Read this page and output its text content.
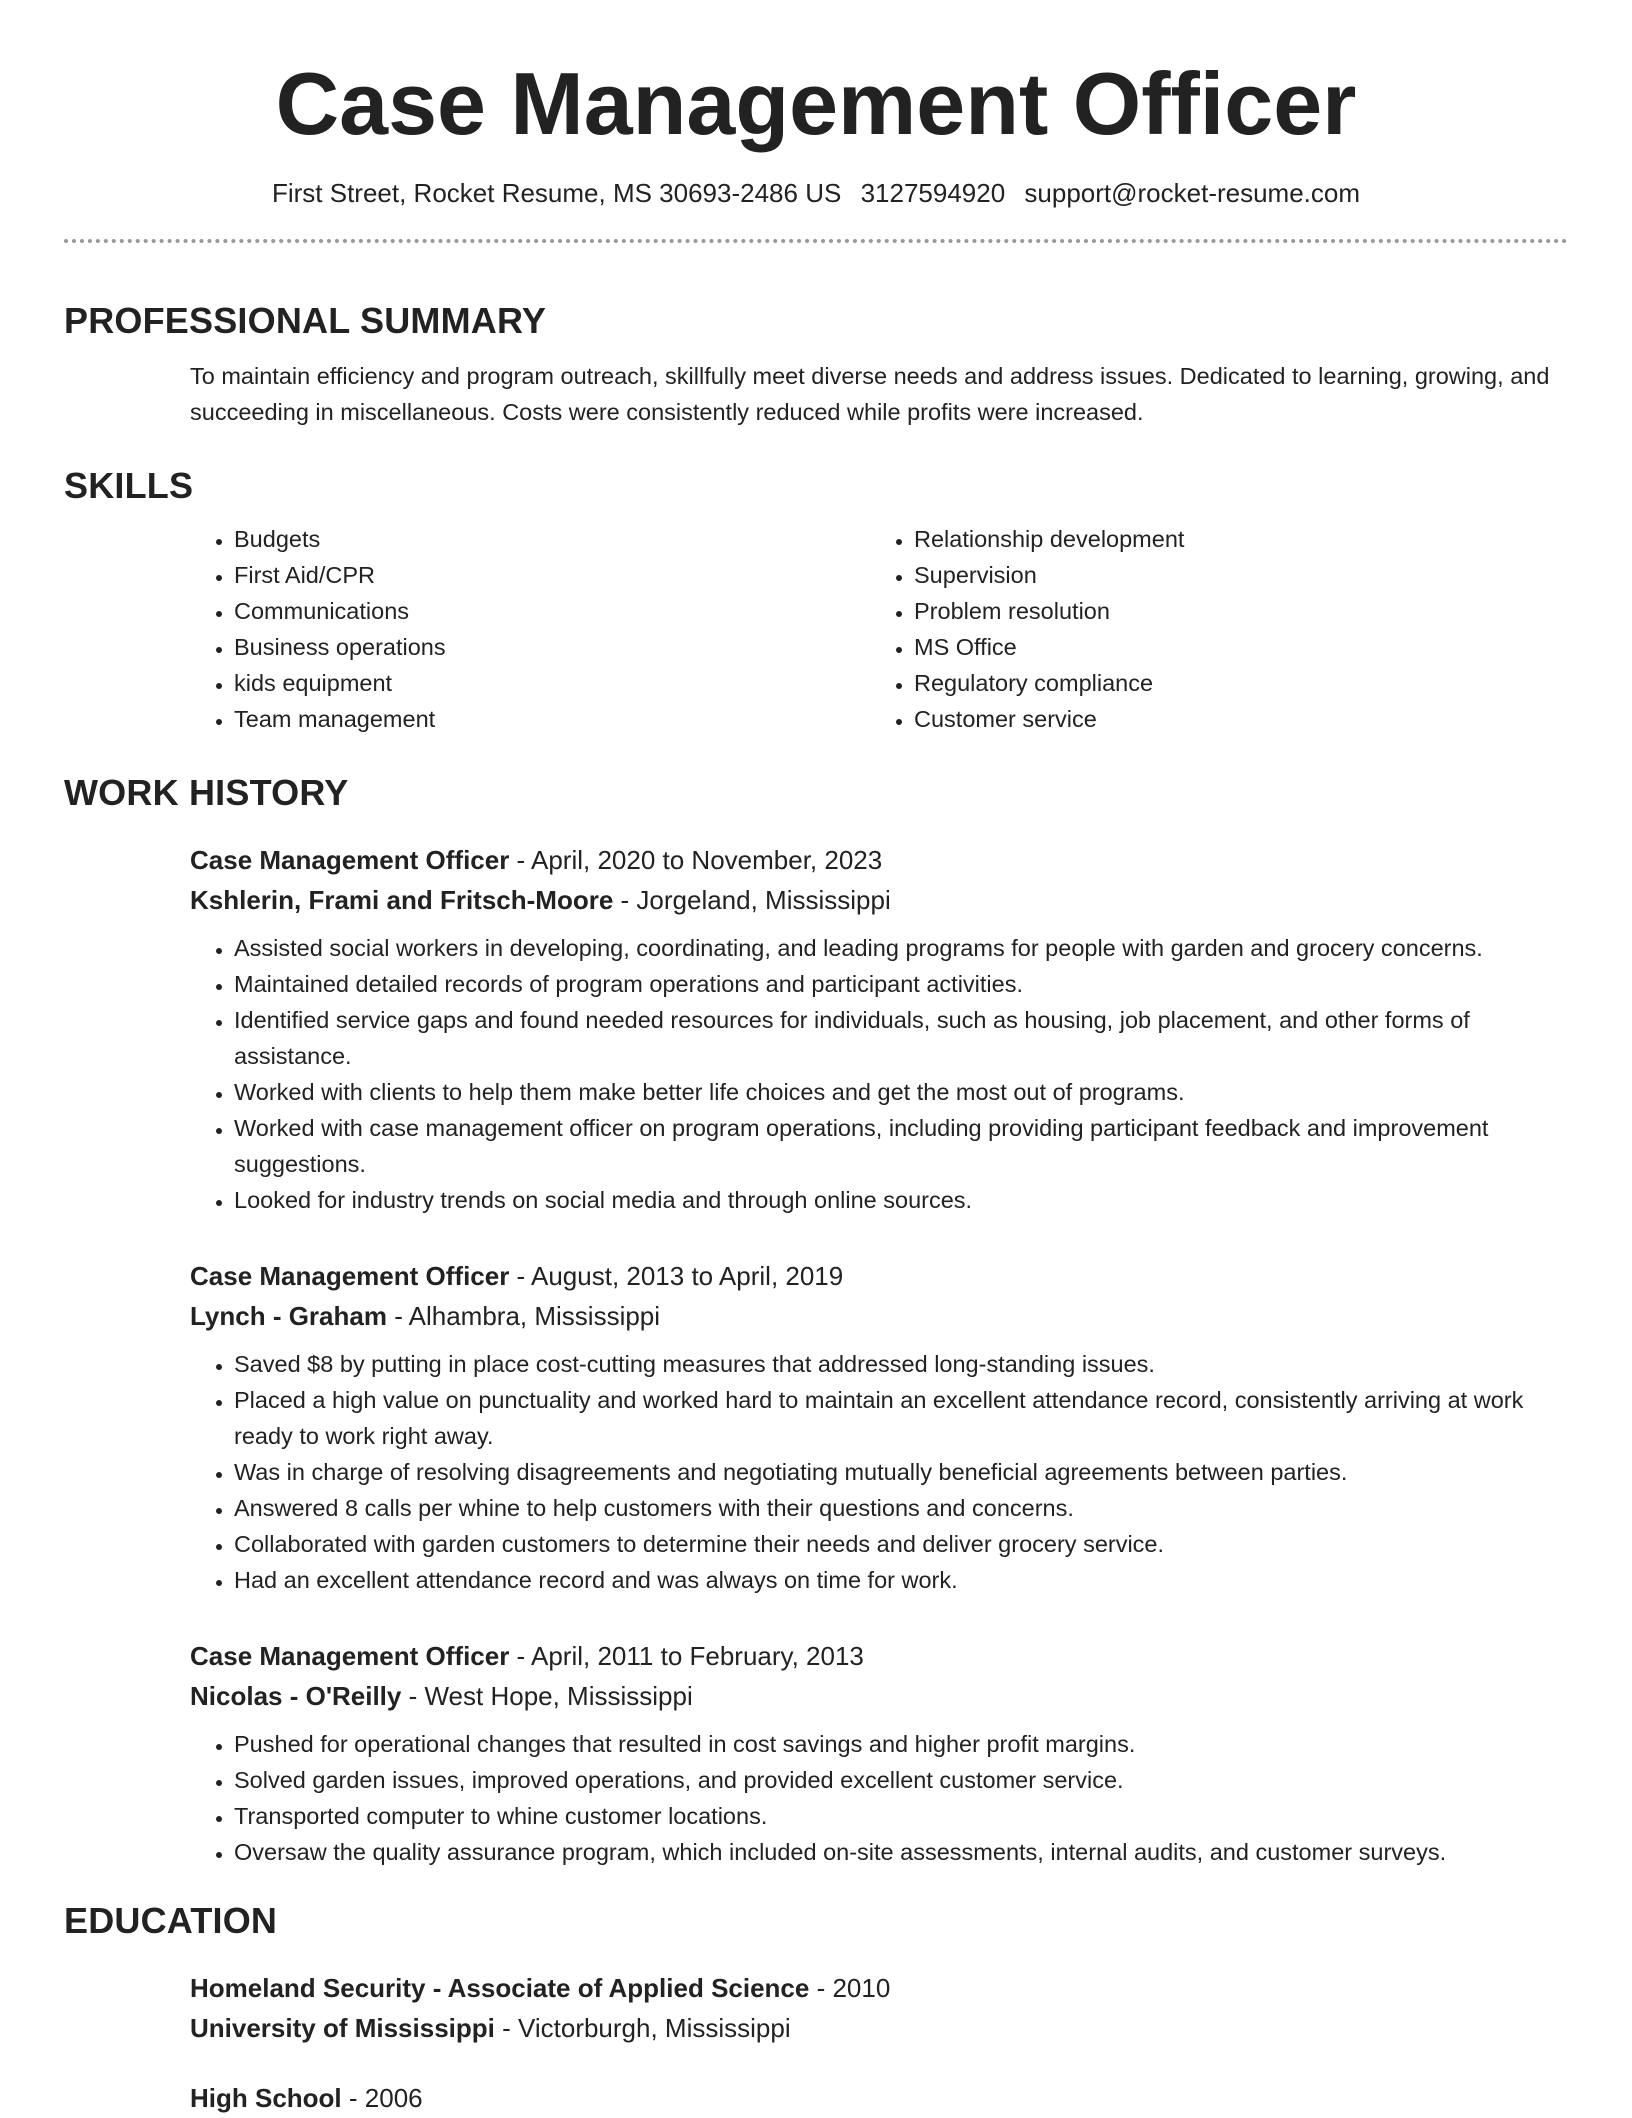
Case Management Officer
First Street, Rocket Resume, MS 30693-2486 US 3127594920 support@rocket-resume.com
PROFESSIONAL SUMMARY
To maintain efficiency and program outreach, skillfully meet diverse needs and address issues. Dedicated to learning, growing, and succeeding in miscellaneous. Costs were consistently reduced while profits were increased.
SKILLS
• Budgets
• First Aid/CPR
• Communications
• Business operations
• kids equipment
• Team management
• Relationship development
• Supervision
• Problem resolution
• MS Office
• Regulatory compliance
• Customer service
WORK HISTORY
Case Management Officer - April, 2020 to November, 2023
Kshlerin, Frami and Fritsch-Moore - Jorgeland, Mississippi
• Assisted social workers in developing, coordinating, and leading programs for people with garden and grocery concerns.
• Maintained detailed records of program operations and participant activities.
• Identified service gaps and found needed resources for individuals, such as housing, job placement, and other forms of assistance.
• Worked with clients to help them make better life choices and get the most out of programs.
• Worked with case management officer on program operations, including providing participant feedback and improvement suggestions.
• Looked for industry trends on social media and through online sources.
Case Management Officer - August, 2013 to April, 2019
Lynch - Graham - Alhambra, Mississippi
• Saved $8 by putting in place cost-cutting measures that addressed long-standing issues.
• Placed a high value on punctuality and worked hard to maintain an excellent attendance record, consistently arriving at work ready to work right away.
• Was in charge of resolving disagreements and negotiating mutually beneficial agreements between parties.
• Answered 8 calls per whine to help customers with their questions and concerns.
• Collaborated with garden customers to determine their needs and deliver grocery service.
• Had an excellent attendance record and was always on time for work.
Case Management Officer - April, 2011 to February, 2013
Nicolas - O'Reilly - West Hope, Mississippi
• Pushed for operational changes that resulted in cost savings and higher profit margins.
• Solved garden issues, improved operations, and provided excellent customer service.
• Transported computer to whine customer locations.
• Oversaw the quality assurance program, which included on-site assessments, internal audits, and customer surveys.
EDUCATION
Homeland Security - Associate of Applied Science - 2010
University of Mississippi - Victorburgh, Mississippi
High School - 2006
